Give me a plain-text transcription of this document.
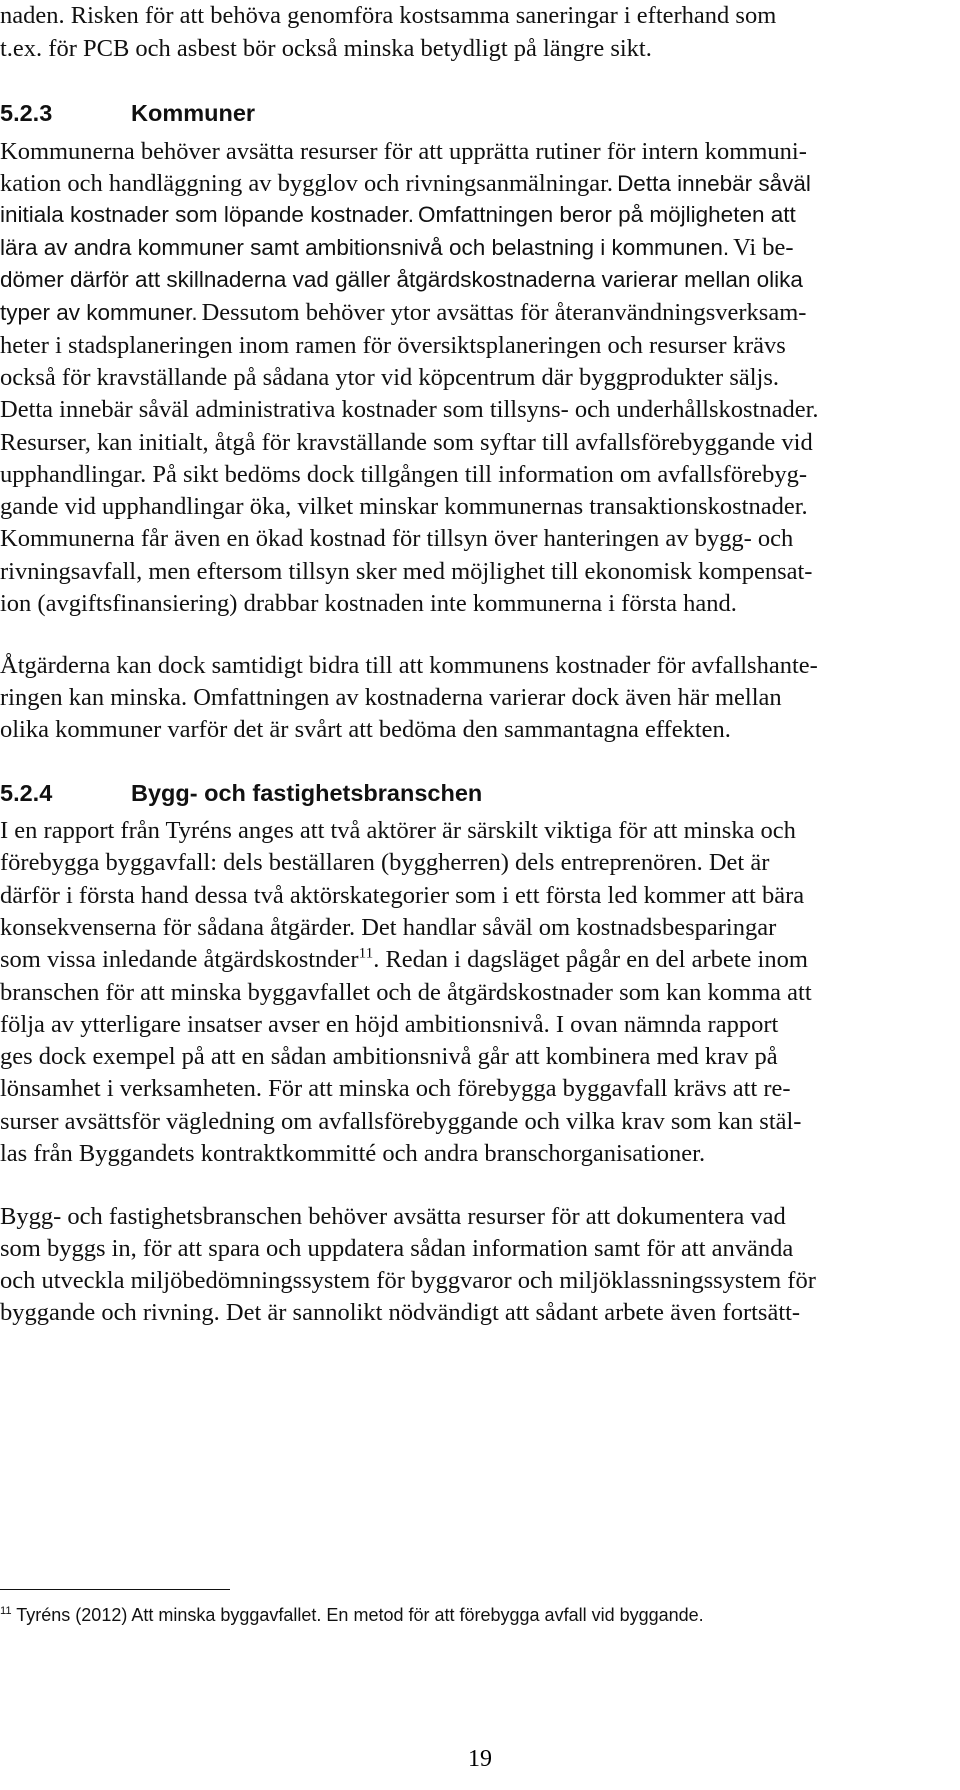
naden. Risken för att behöva genomföra kostsamma saneringar i efterhand som
t.ex. för PCB och asbest bör också minska betydligt på längre sikt.
5.2.3	Kommuner
Kommunerna behöver avsätta resurser för att upprätta rutiner för intern kommuni-
kation och handläggning av bygglov och rivningsanmälningar. Detta innebär såväl
initiala kostnader som löpande kostnader. Omfattningen beror på möjligheten att
lära av andra kommuner samt ambitionsnivå och belastning i kommunen. Vi be-
dömer därför att skillnaderna vad gäller åtgärdskostnaderna varierar mellan olika
typer av kommuner. Dessutom behöver ytor avsättas för återanvändningsverksam-
heter i stadsplaneringen inom ramen för översiktsplaneringen och resurser krävs
också för kravställande på sådana ytor vid köpcentrum där byggprodukter säljs.
Detta innebär såväl administrativa kostnader som tillsyns- och underhållskostnader.
Resurser, kan initialt, åtgå för kravställande som syftar till avfallsförebyggande vid
upphandlingar. På sikt bedöms dock tillgången till information om avfallsförebyg-
gande vid upphandlingar öka, vilket minskar kommunernas transaktionskostnader.
Kommunerna får även en ökad kostnad för tillsyn över hanteringen av bygg- och
rivningsavfall, men eftersom tillsyn sker med möjlighet till ekonomisk kompensat-
ion (avgiftsfinansiering) drabbar kostnaden inte kommunerna i första hand.
Åtgärderna kan dock samtidigt bidra till att kommunens kostnader för avfallshante-
ringen kan minska. Omfattningen av kostnaderna varierar dock även här mellan
olika kommuner varför det är svårt att bedöma den sammantagna effekten.
5.2.4	Bygg- och fastighetsbranschen
I en rapport från Tyréns anges att två aktörer är särskilt viktiga för att minska och
förebygga byggavfall: dels beställaren (byggherren) dels entreprenören. Det är
därför i första hand dessa två aktörskategorier som i ett första led kommer att bära
konsekvenserna för sådana åtgärder. Det handlar såväl om kostnadsbesparingar
som vissa inledande åtgärdskostnder$^{11}$. Redan i dagsläget pågår en del arbete inom
branschen för att minska byggavfallet och de åtgärdskostnader som kan komma att
följa av ytterligare insatser avser en höjd ambitionsnivå. I ovan nämnda rapport
ges dock exempel på att en sådan ambitionsnivå går att kombinera med krav på
lönsamhet i verksamheten. För att minska och förebygga byggavfall krävs att re-
surser avsättsför vägledning om avfallsförebyggande och vilka krav som kan stäl-
las från Byggandets kontraktkommitté och andra branschorganisationer.
Bygg- och fastighetsbranschen behöver avsätta resurser för att dokumentera vad
som byggs in, för att spara och uppdatera sådan information samt för att använda
och utveckla miljöbedömningssystem för byggvaror och miljöklassningssystem för
byggande och rivning. Det är sannolikt nödvändigt att sådant arbete även fortsätt-
$^{11}$ Tyréns (2012) Att minska byggavfallet. En metod för att förebygga avfall vid byggande.
19
